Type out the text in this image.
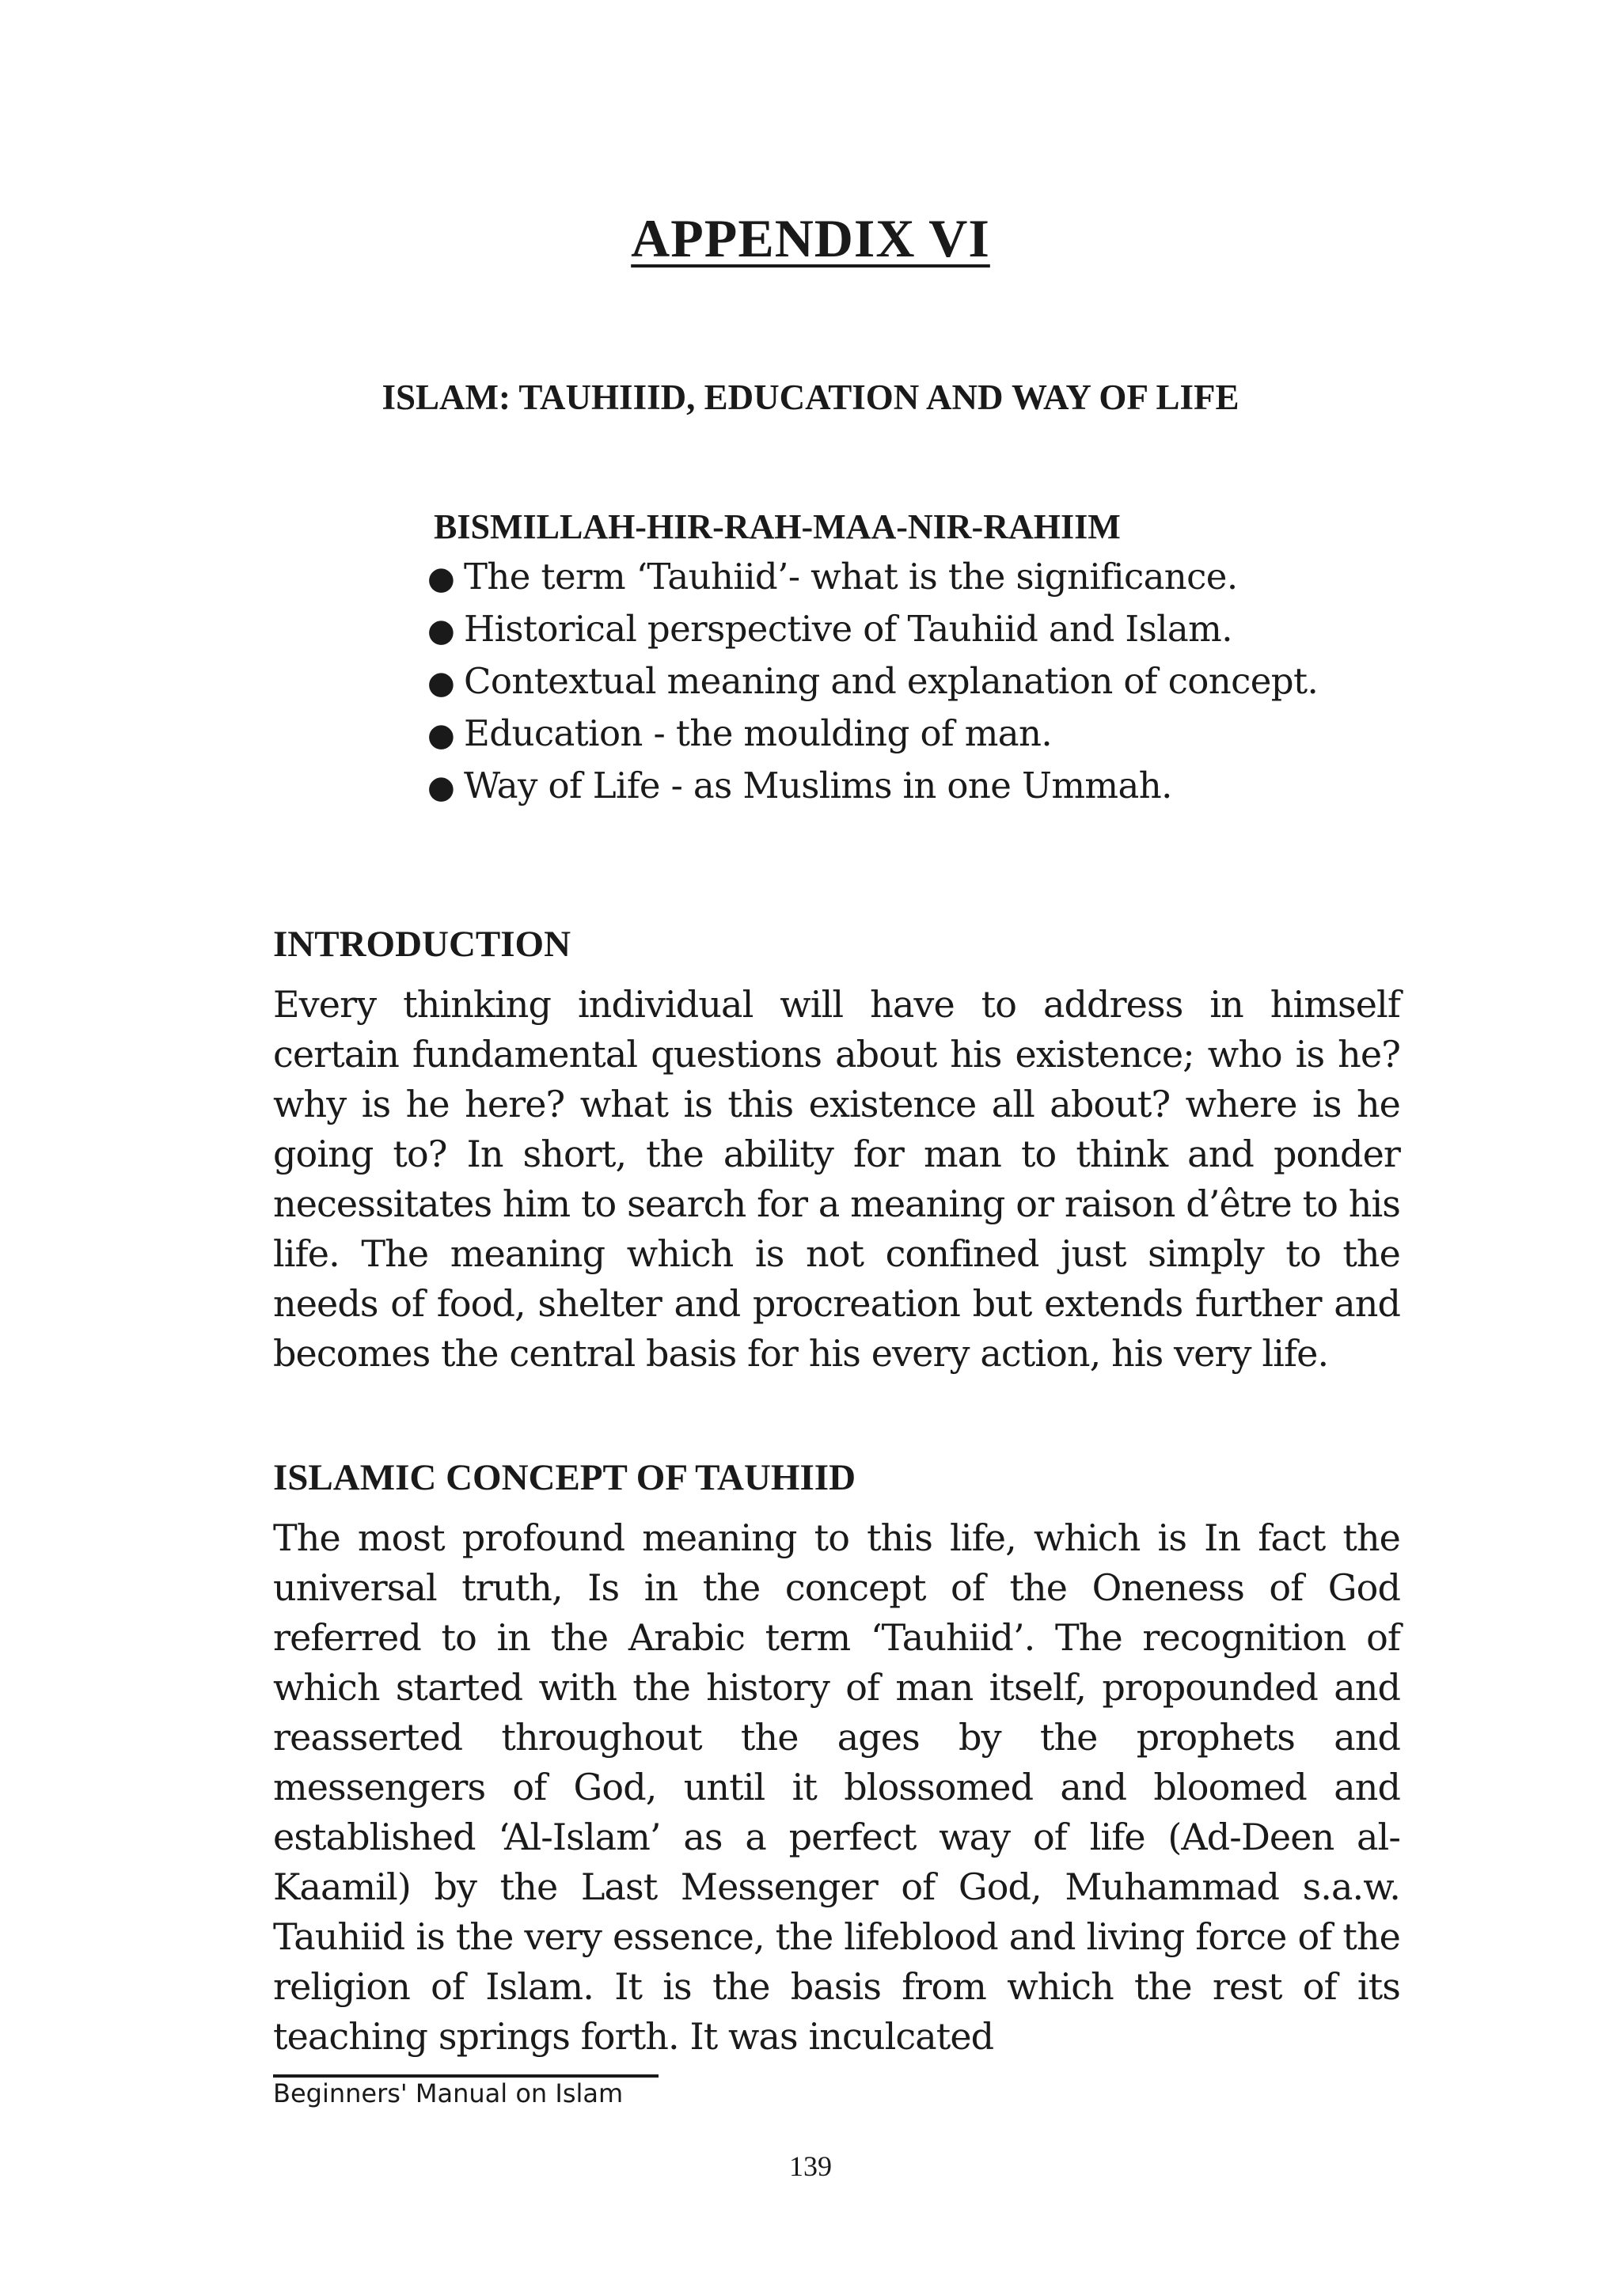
APPENDIX VI
ISLAM: TAUHIIID, EDUCATION AND WAY OF LIFE
BISMILLAH-HIR-RAH-MAA-NIR-RAHIIM
● The term ‘Tauhiid’- what is the significance.
● Historical perspective of Tauhiid and Islam.
● Contextual meaning and explanation of concept.
● Education - the moulding of man.
● Way of Life - as Muslims in one Ummah.
INTRODUCTION

Every thinking individual will have to address in himself certain fundamental questions about his existence; who is he? why is he here? what is this existence all about? where is he going to? In short, the ability for man to think and ponder necessitates him to search for a meaning or raison d’être to his life. The meaning which is not confined just simply to the needs of food, shelter and procreation but extends further and becomes the central basis for his every action, his very life.

ISLAMIC CONCEPT OF TAUHIID

The most profound meaning to this life, which is In fact the universal truth, Is in the concept of the Oneness of God referred to in the Arabic term ‘Tauhiid’. The recognition of which started with the history of man itself, propounded and reasserted throughout the ages by the prophets and messengers of God, until it blossomed and bloomed and established ‘Al-Islam’ as a perfect way of life (Ad-Deen al-Kaamil) by the Last Messenger of God, Muhammad s.a.w. Tauhiid is the very essence, the lifeblood and living force of the religion of Islam. It is the basis from which the rest of its teaching springs forth. It was inculcated

Beginners' Manual on Islam

139
